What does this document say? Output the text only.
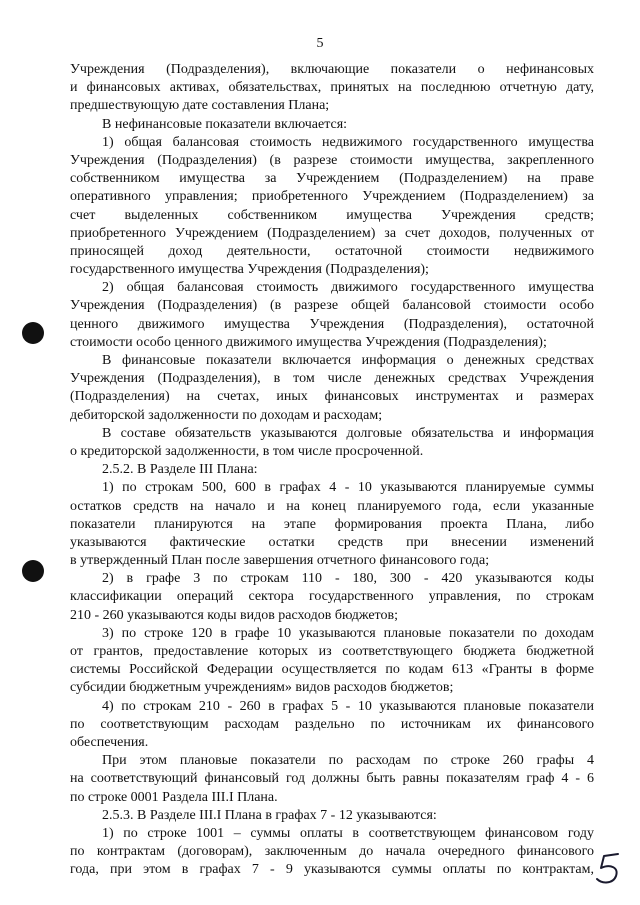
5
Учреждения (Подразделения), включающие показатели о нефинансовых
и финансовых активах, обязательствах, принятых на последнюю отчетную дату,
предшествующую дате составления Плана;
В нефинансовые показатели включается:
1) общая балансовая стоимость недвижимого государственного имущества
Учреждения (Подразделения) (в разрезе стоимости имущества, закрепленного
собственником имущества за Учреждением (Подразделением) на праве
оперативного управления; приобретенного Учреждением (Подразделением) за
счет выделенных собственником имущества Учреждения средств;
приобретенного Учреждением (Подразделением) за счет доходов, полученных от
приносящей доход деятельности, остаточной стоимости недвижимого
государственного имущества Учреждения (Подразделения);
2) общая балансовая стоимость движимого государственного имущества
Учреждения (Подразделения) (в разрезе общей балансовой стоимости особо
ценного движимого имущества Учреждения (Подразделения), остаточной
стоимости особо ценного движимого имущества Учреждения (Подразделения);
В финансовые показатели включается информация о денежных средствах
Учреждения (Подразделения), в том числе денежных средствах Учреждения
(Подразделения) на счетах, иных финансовых инструментах и размерах
дебиторской задолженности по доходам и расходам;
В составе обязательств указываются долговые обязательства и информация
о кредиторской задолженности, в том числе просроченной.
2.5.2. В Разделе III Плана:
1) по строкам 500, 600 в графах 4 - 10 указываются планируемые суммы
остатков средств на начало и на конец планируемого года, если указанные
показатели планируются на этапе формирования проекта Плана, либо
указываются фактические остатки средств при внесении изменений
в утвержденный План после завершения отчетного финансового года;
2) в графе 3 по строкам 110 - 180, 300 - 420 указываются коды
классификации операций сектора государственного управления, по строкам
210 - 260 указываются коды видов расходов бюджетов;
3) по строке 120 в графе 10 указываются плановые показатели по доходам
от грантов, предоставление которых из соответствующего бюджета бюджетной
системы Российской Федерации осуществляется по кодам 613 «Гранты в форме
субсидии бюджетным учреждениям» видов расходов бюджетов;
4) по строкам 210 - 260 в графах 5 - 10 указываются плановые показатели
по соответствующим расходам раздельно по источникам их финансового
обеспечения.
При этом плановые показатели по расходам по строке 260 графы 4
на соответствующий финансовый год должны быть равны показателям граф 4 - 6
по строке 0001 Раздела III.I Плана.
2.5.3. В Разделе III.I Плана в графах 7 - 12 указываются:
1) по строке 1001 – суммы оплаты в соответствующем финансовом году
по контрактам (договорам), заключенным до начала очередного финансового
года, при этом в графах 7 - 9 указываются суммы оплаты по контрактам,
